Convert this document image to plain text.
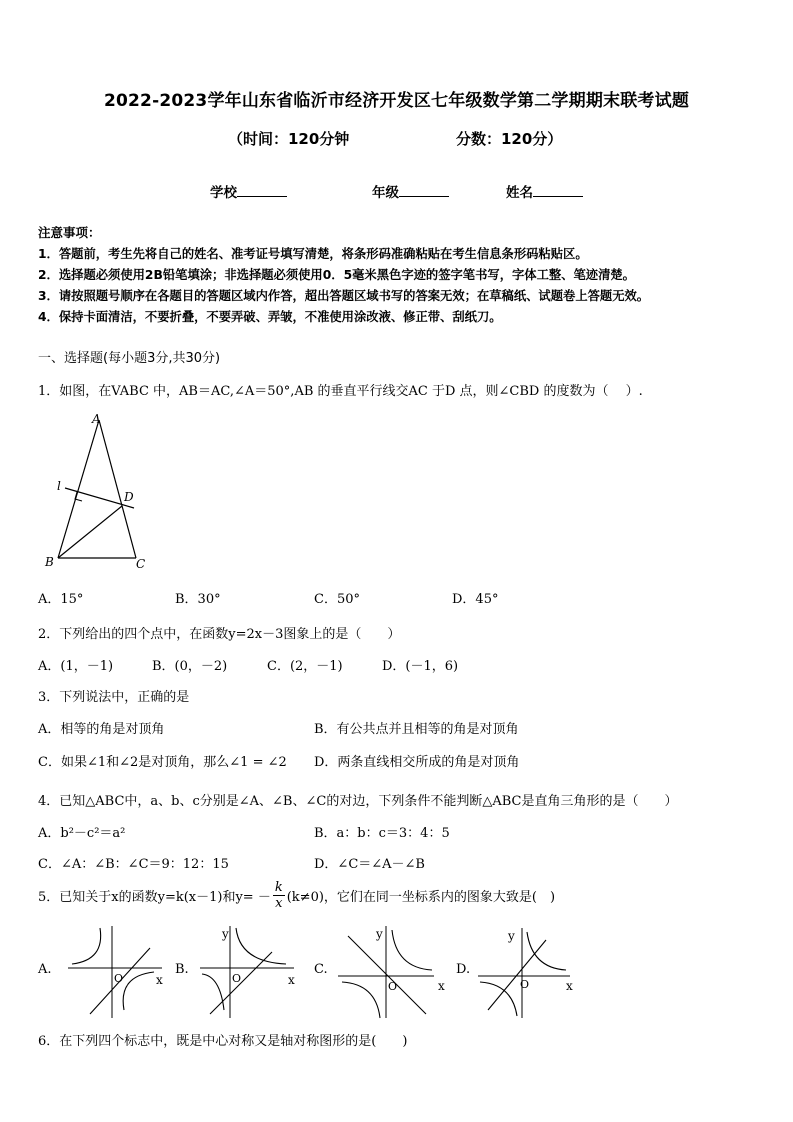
2022-2023学年山东省临沂市经济开发区七年级数学第二学期期末联考试题
（时间：120分钟	分数：120分）
学校	年级	姓名
注意事项：
1．答题前，考生先将自己的姓名、准考证号填写清楚，将条形码准确粘贴在考生信息条形码粘贴区。
2．选择题必须使用2B铅笔填涂；非选择题必须使用0．5毫米黑色字迹的签字笔书写，字体工整、笔迹清楚。
3．请按照题号顺序在各题目的答题区域内作答，超出答题区域书写的答案无效；在草稿纸、试题卷上答题无效。
4．保持卡面清洁，不要折叠，不要弄破、弄皱，不准使用涂改液、修正带、刮纸刀。
一、选择题(每小题3分,共30分)
1．如图，在VABC 中，AB＝AC,∠A＝50°,AB 的垂直平行线交AC 于D 点，则∠CBD 的度数为（　 ）.
A
B	C
D
l
A．15°	B．30°	C．50°	D．45°
2．下列给出的四个点中，在函数y=2x－3图象上的是（　　）
A．(1，－1)	B．(0，－2)	C．(2，－1)	D．(－1，6)
3．下列说法中，正确的是
A．相等的角是对顶角	B．有公共点并且相等的角是对顶角
C．如果∠1和∠2是对顶角，那么∠1 = ∠2 D．两条直线相交所成的角是对顶角
4．已知△ABC中，a、b、c分别是∠A、∠B、∠C的对边，下列条件不能判断△ABC是直角三角形的是（　　）
A．b²－c²＝a²	B．a：b：c＝3：4：5
C．∠A：∠B：∠C＝9：12：15	D．∠C＝∠A－∠B
5．已知关于x的函数y=k(x－1)和$y= - \frac{k}{x} (k\ne 0)$，它们在同一坐标系内的图象大致是(　)
A.
O	x
B.
y
O	x
C.
y
O	x
D.
y
O	x
6．在下列四个标志中，既是中心对称又是轴对称图形的是(　　)
